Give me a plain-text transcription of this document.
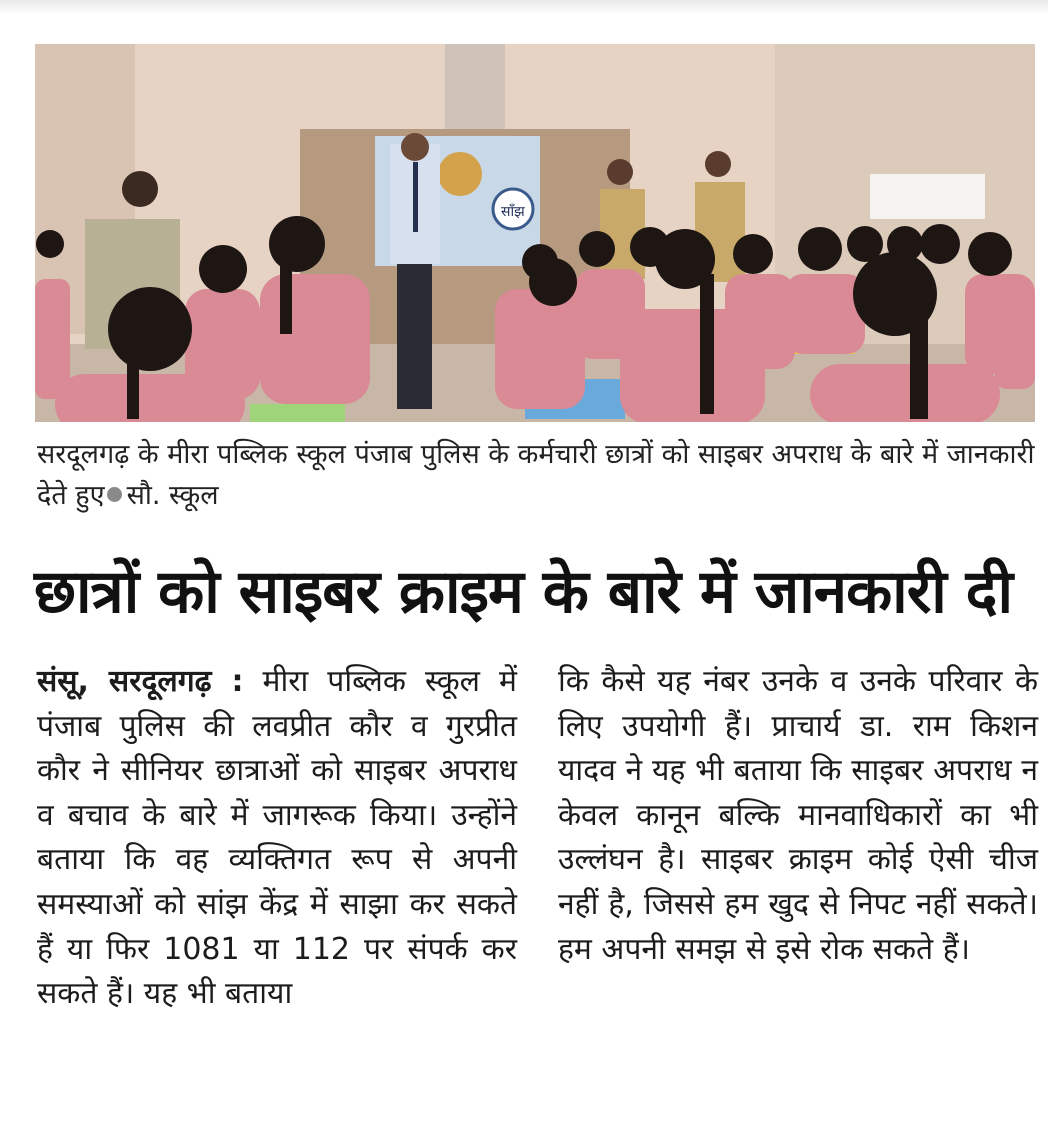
साँझ
सरदूलगढ़ के मीरा पब्लिक स्कूल पंजाब पुलिस के कर्मचारी छात्रों को साइबर अपराध के बारे में जानकारी देते हुए सौ. स्कूल
छात्रों को साइबर क्राइम के बारे में जानकारी दी

संसू, सरदूलगढ़ : मीरा पब्लिक स्कूल में पंजाब पुलिस की लवप्रीत कौर व गुरप्रीत कौर ने सीनियर छात्राओं को साइबर अपराध व बचाव के बारे में जागरूक किया। उन्होंने बताया कि वह व्यक्तिगत रूप से अपनी समस्याओं को सांझ केंद्र में साझा कर सकते हैं या फिर 1081 या 112 पर संपर्क कर सकते हैं। यह भी बताया

कि कैसे यह नंबर उनके व उनके परिवार के लिए उपयोगी हैं। प्राचार्य डा. राम किशन यादव ने यह भी बताया कि साइबर अपराध न केवल कानून बल्कि मानवाधिकारों का भी उल्लंघन है। साइबर क्राइम कोई ऐसी चीज नहीं है, जिससे हम खुद से निपट नहीं सकते। हम अपनी समझ से इसे रोक सकते हैं।
